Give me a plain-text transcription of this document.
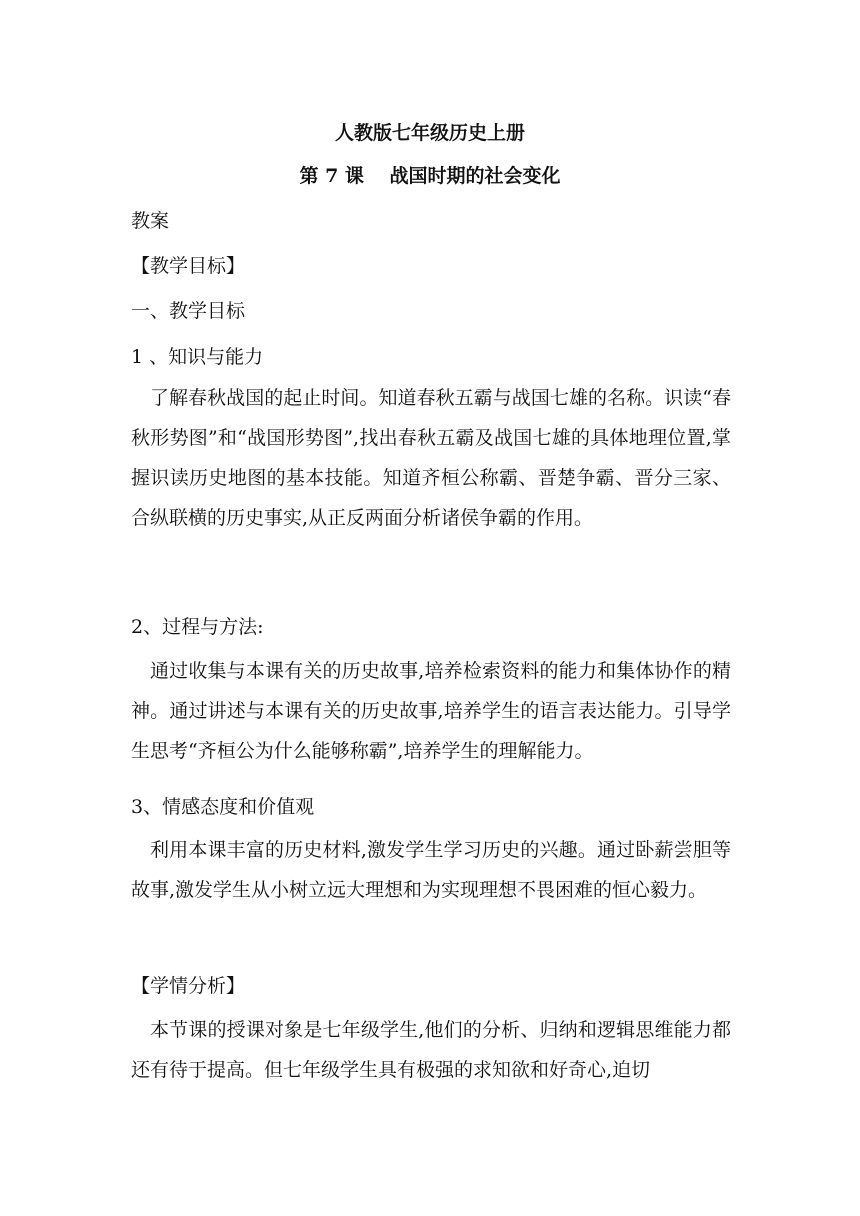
人教版七年级历史上册
第 7 课　 战国时期的社会变化
教案
【教学目标】
一、教学目标
1 、知识与能力
了解春秋战国的起止时间。知道春秋五霸与战国七雄的名称。识读“春秋形势图”和“战国形势图”,找出春秋五霸及战国七雄的具体地理位置,掌握识读历史地图的基本技能。知道齐桓公称霸、晋楚争霸、晋分三家、合纵联横的历史事实,从正反两面分析诸侯争霸的作用。
2、过程与方法:
通过收集与本课有关的历史故事,培养检索资料的能力和集体协作的精神。通过讲述与本课有关的历史故事,培养学生的语言表达能力。引导学生思考“齐桓公为什么能够称霸”,培养学生的理解能力。
3、情感态度和价值观
利用本课丰富的历史材料,激发学生学习历史的兴趣。通过卧薪尝胆等故事,激发学生从小树立远大理想和为实现理想不畏困难的恒心毅力。
【学情分析】
本节课的授课对象是七年级学生,他们的分析、归纳和逻辑思维能力都还有待于提高。但七年级学生具有极强的求知欲和好奇心,迫切
